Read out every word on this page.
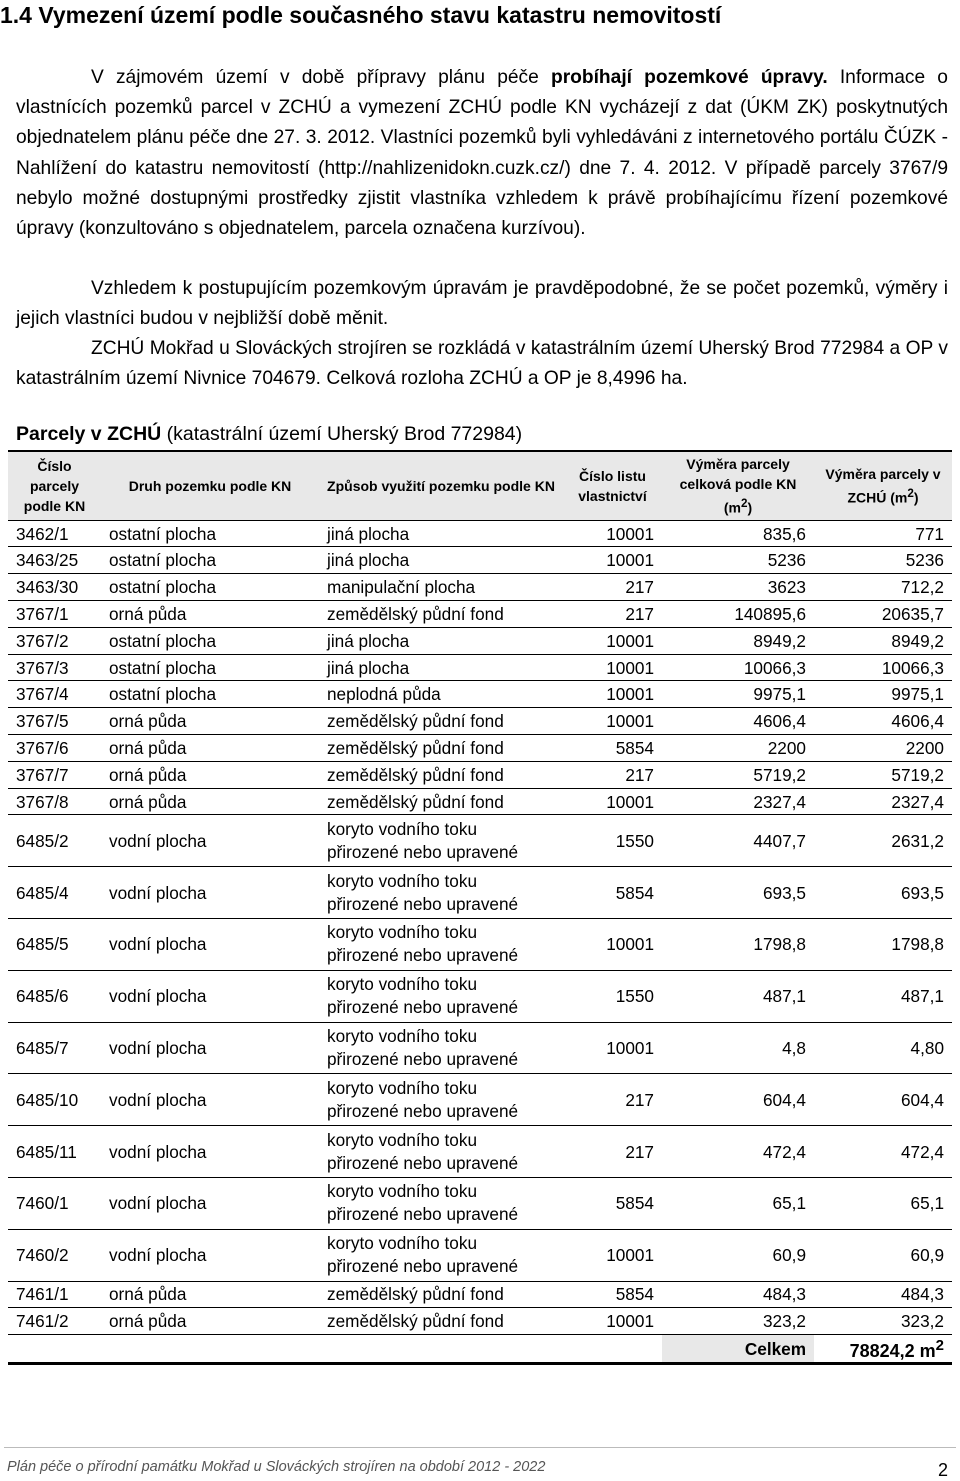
1.4 Vymezení území podle současného stavu katastru nemovitostí

V zájmovém území v době přípravy plánu péče probíhají pozemkové úpravy. Informace o vlastnících pozemků parcel v ZCHÚ a vymezení ZCHÚ podle KN vycházejí z dat (ÚKM ZK) poskytnutých objednatelem plánu péče dne 27. 3. 2012. Vlastníci pozemků byli vyhledáváni z internetového portálu ČÚZK - Nahlížení do katastru nemovitostí (http://nahlizenidokn.cuzk.cz/) dne 7. 4. 2012. V případě parcely 3767/9 nebylo možné dostupnými prostředky zjistit vlastníka vzhledem k právě probíhajícímu řízení pozemkové úpravy (konzultováno s objednatelem, parcela označena kurzívou).

Vzhledem k postupujícím pozemkovým úpravám je pravděpodobné, že se počet pozemků, výměry i jejich vlastníci budou v nejbližší době měnit.

ZCHÚ Mokřad u Slováckých strojíren se rozkládá v katastrálním území Uherský Brod 772984 a OP v katastrálním území Nivnice 704679. Celková rozloha ZCHÚ a OP je 8,4996 ha.

Parcely v ZCHÚ (katastrální území Uherský Brod 772984)

Číslo parcely podle KN	Druh pozemku podle KN	Způsob využití pozemku podle KN	Číslo listu vlastnictví	Výměra parcely celková podle KN $(m^2)$	Výměra parcely v ZCHÚ $(m^2)$
3462/1	ostatní plocha	jiná plocha	10001	835,6	771
3463/25	ostatní plocha	jiná plocha	10001	5236	5236
3463/30	ostatní plocha	manipulační plocha	217	3623	712,2
3767/1	orná půda	zemědělský půdní fond	217	140895,6	20635,7
3767/2	ostatní plocha	jiná plocha	10001	8949,2	8949,2
3767/3	ostatní plocha	jiná plocha	10001	10066,3	10066,3
3767/4	ostatní plocha	neplodná půda	10001	9975,1	9975,1
3767/5	orná půda	zemědělský půdní fond	10001	4606,4	4606,4
3767/6	orná půda	zemědělský půdní fond	5854	2200	2200
3767/7	orná půda	zemědělský půdní fond	217	5719,2	5719,2
3767/8	orná půda	zemědělský půdní fond	10001	2327,4	2327,4
6485/2	vodní plocha	koryto vodního toku
přirozené nebo upravené	1550	4407,7	2631,2
6485/4	vodní plocha	koryto vodního toku
přirozené nebo upravené	5854	693,5	693,5
6485/5	vodní plocha	koryto vodního toku
přirozené nebo upravené	10001	1798,8	1798,8
6485/6	vodní plocha	koryto vodního toku
přirozené nebo upravené	1550	487,1	487,1
6485/7	vodní plocha	koryto vodního toku
přirozené nebo upravené	10001	4,8	4,80
6485/10	vodní plocha	koryto vodního toku
přirozené nebo upravené	217	604,4	604,4
6485/11	vodní plocha	koryto vodního toku
přirozené nebo upravené	217	472,4	472,4
7460/1	vodní plocha	koryto vodního toku
přirozené nebo upravené	5854	65,1	65,1
7460/2	vodní plocha	koryto vodního toku
přirozené nebo upravené	10001	60,9	60,9
7461/1	orná půda	zemědělský půdní fond	5854	484,3	484,3
7461/2	orná půda	zemědělský půdní fond	10001	323,2	323,2
				Celkem	78824,2 $m^2$
Plán péče o přírodní památku Mokřad u Slováckých strojíren na období 2012 - 2022	2
